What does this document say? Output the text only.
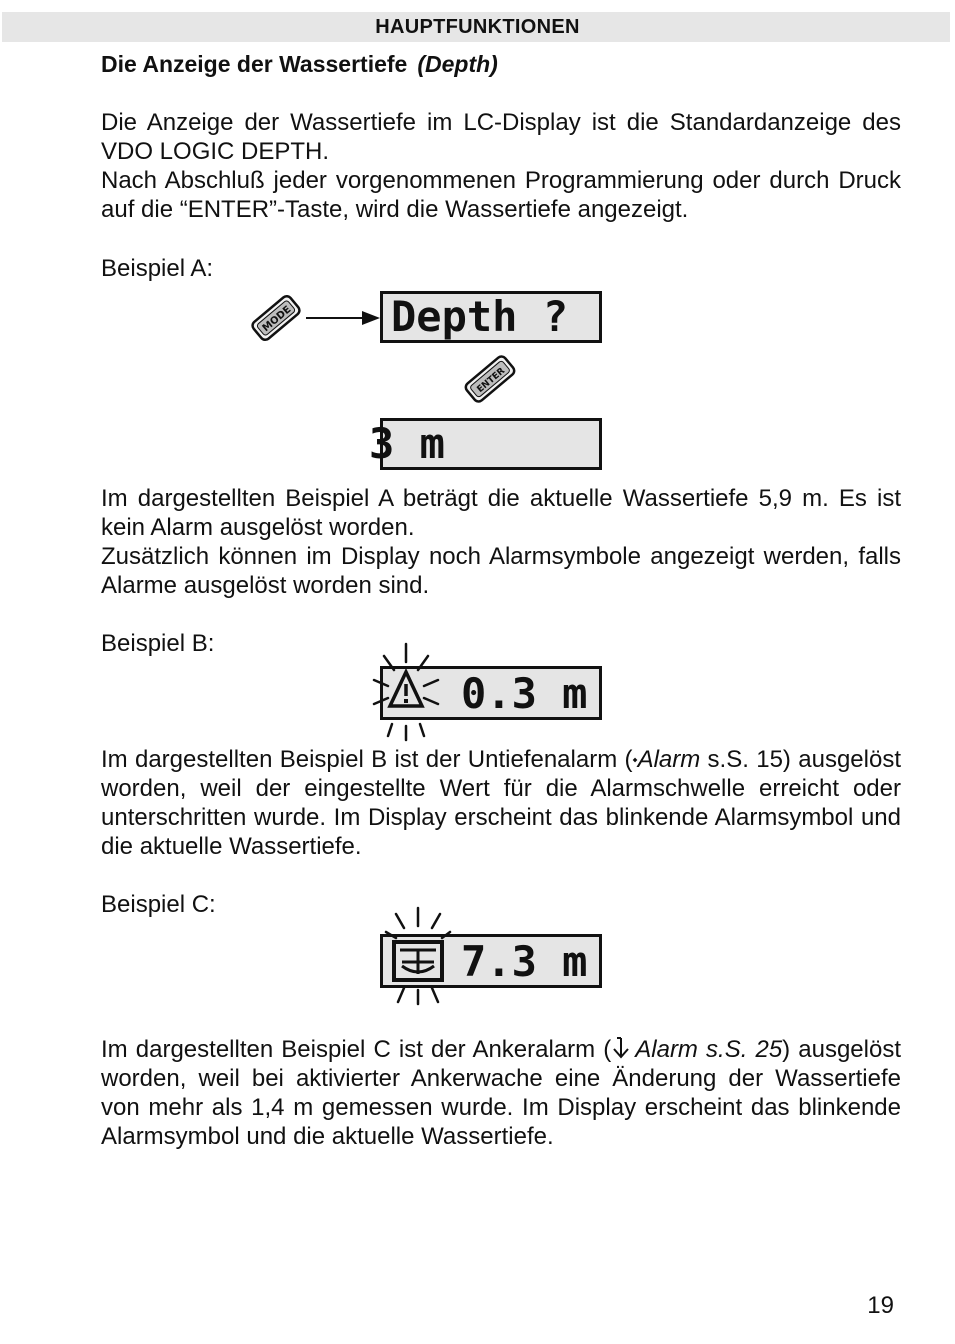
HAUPTFUNKTIONEN
Die Anzeige der Wassertiefe (Depth)

Die Anzeige der Wassertiefe im LC-Display ist die Standardanzeige des VDO LOGIC DEPTH.

Nach Abschluß jeder vorgenommenen Programmierung oder durch Druck auf die “ENTER”-Taste, wird die Wassertiefe angezeigt.

Beispiel A:
MODE Depth ?
ENTER
3 m

Im dargestellten Beispiel A beträgt die aktuelle Wassertiefe 5,9 m. Es ist kein Alarm ausgelöst worden.

Zusätzlich können im Display noch Alarmsymbole angezeigt werden, falls Alarme ausgelöst worden sind.

Beispiel B:
0.3 m

Im dargestellten Beispiel B ist der Untiefenalarm (⬩Alarm s.S. 15) ausgelöst worden, weil der eingestellte Wert für die Alarmschwelle erreicht oder unterschritten wurde. Im Display erscheint das blinkende Alarmsymbol und die aktuelle Wassertiefe.

Beispiel C:
7.3 m

Im dargestellten Beispiel C ist der Ankeralarm ( Alarm s.S. 25) ausgelöst worden, weil bei aktivierter Ankerwache eine Änderung der Wassertiefe von mehr als 1,4 m gemessen wurde. Im Display erscheint das blinkende Alarmsymbol und die aktuelle Wassertiefe.

19
